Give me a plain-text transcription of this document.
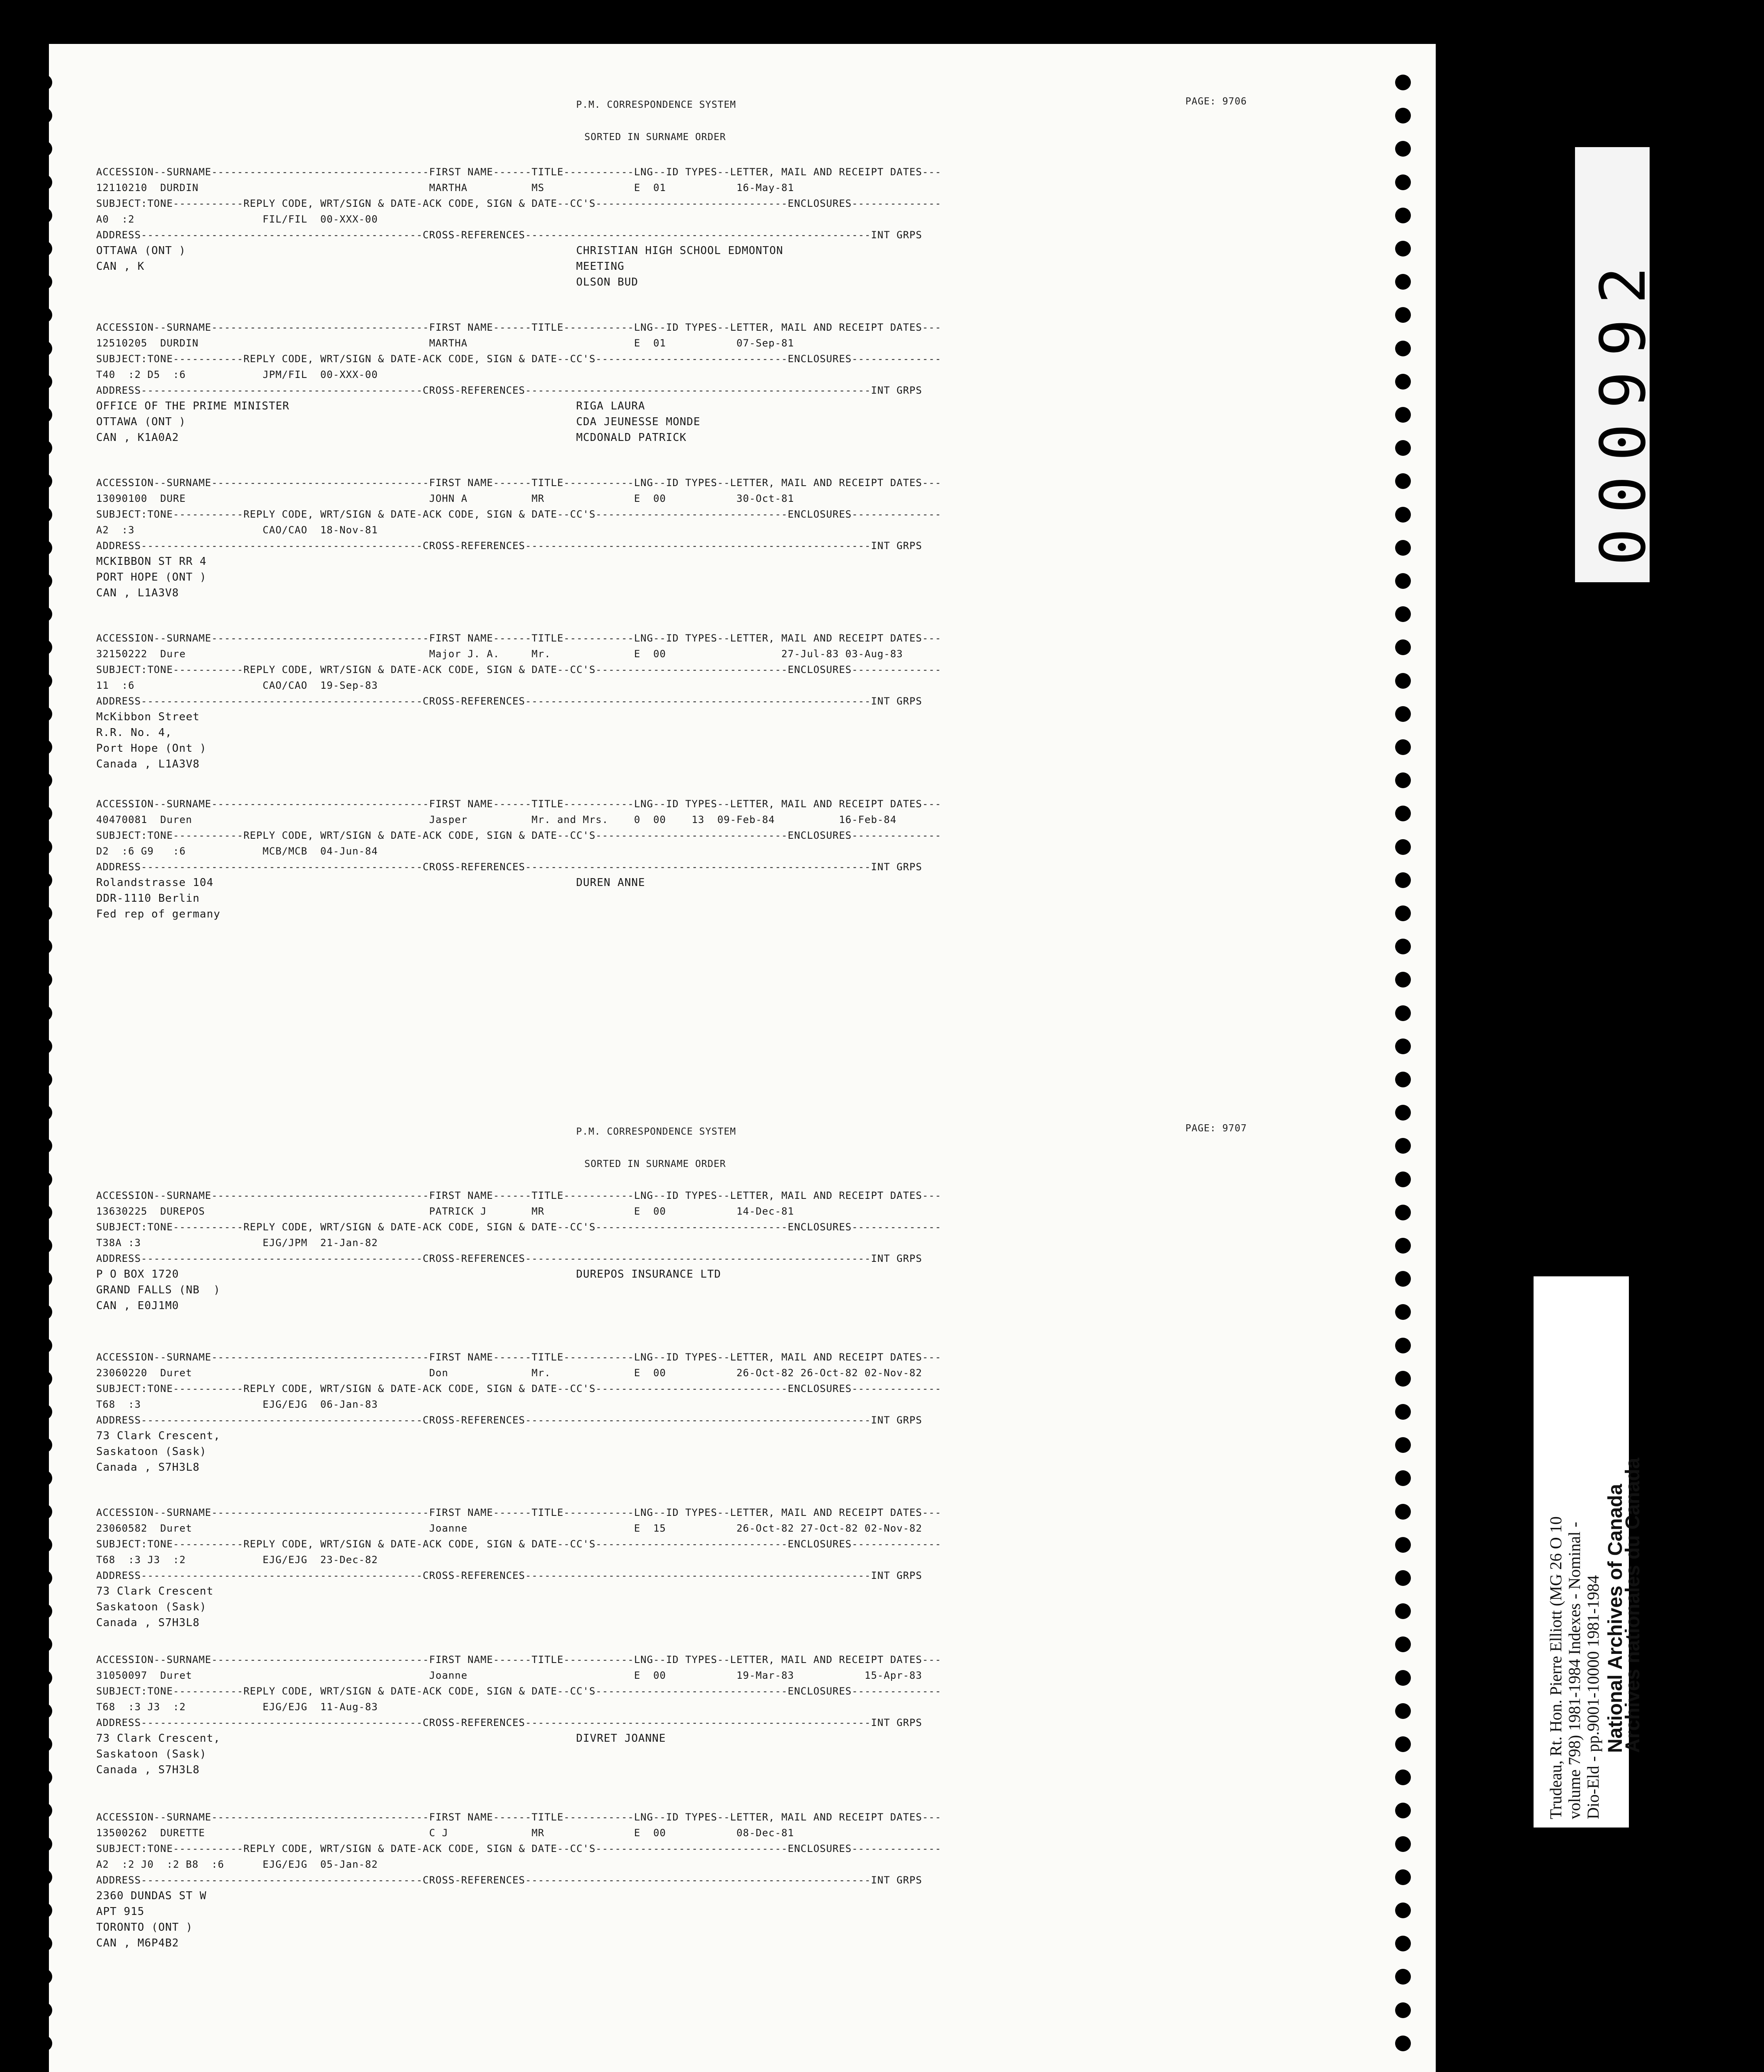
P.M. CORRESPONDENCE SYSTEM	PAGE: 9706
SORTED IN SURNAME ORDER
ACCESSION--SURNAME----------------------------------FIRST NAME------TITLE-----------LNG--ID TYPES--LETTER, MAIL AND RECEIPT DATES---
12110210  DURDIN                                    MARTHA          MS              E  01           16-May-81
SUBJECT:TONE-----------REPLY CODE, WRT/SIGN & DATE-ACK CODE, SIGN & DATE--CC'S------------------------------ENCLOSURES--------------
A0  :2                    FIL/FIL  00-XXX-00
ADDRESS--------------------------------------------CROSS-REFERENCES------------------------------------------------------INT GRPS
OTTAWA (ONT )
CAN , K
CHRISTIAN HIGH SCHOOL EDMONTON
MEETING
OLSON BUD
ACCESSION--SURNAME----------------------------------FIRST NAME------TITLE-----------LNG--ID TYPES--LETTER, MAIL AND RECEIPT DATES---
12510205  DURDIN                                    MARTHA                          E  01           07-Sep-81
SUBJECT:TONE-----------REPLY CODE, WRT/SIGN & DATE-ACK CODE, SIGN & DATE--CC'S------------------------------ENCLOSURES--------------
T40  :2 D5  :6            JPM/FIL  00-XXX-00
ADDRESS--------------------------------------------CROSS-REFERENCES------------------------------------------------------INT GRPS
OFFICE OF THE PRIME MINISTER
OTTAWA (ONT )
CAN , K1A0A2
RIGA LAURA
CDA JEUNESSE MONDE
MCDONALD PATRICK
ACCESSION--SURNAME----------------------------------FIRST NAME------TITLE-----------LNG--ID TYPES--LETTER, MAIL AND RECEIPT DATES---
13090100  DURE                                      JOHN A          MR              E  00           30-Oct-81
SUBJECT:TONE-----------REPLY CODE, WRT/SIGN & DATE-ACK CODE, SIGN & DATE--CC'S------------------------------ENCLOSURES--------------
A2  :3                    CAO/CAO  18-Nov-81
ADDRESS--------------------------------------------CROSS-REFERENCES------------------------------------------------------INT GRPS
MCKIBBON ST RR 4
PORT HOPE (ONT )
CAN , L1A3V8
ACCESSION--SURNAME----------------------------------FIRST NAME------TITLE-----------LNG--ID TYPES--LETTER, MAIL AND RECEIPT DATES---
32150222  Dure                                      Major J. A.     Mr.             E  00                  27-Jul-83 03-Aug-83
SUBJECT:TONE-----------REPLY CODE, WRT/SIGN & DATE-ACK CODE, SIGN & DATE--CC'S------------------------------ENCLOSURES--------------
11  :6                    CAO/CAO  19-Sep-83
ADDRESS--------------------------------------------CROSS-REFERENCES------------------------------------------------------INT GRPS
McKibbon Street
R.R. No. 4,
Port Hope (Ont )
Canada , L1A3V8
ACCESSION--SURNAME----------------------------------FIRST NAME------TITLE-----------LNG--ID TYPES--LETTER, MAIL AND RECEIPT DATES---
40470081  Duren                                     Jasper          Mr. and Mrs.    0  00    13  09-Feb-84          16-Feb-84
SUBJECT:TONE-----------REPLY CODE, WRT/SIGN & DATE-ACK CODE, SIGN & DATE--CC'S------------------------------ENCLOSURES--------------
D2  :6 G9   :6            MCB/MCB  04-Jun-84
ADDRESS--------------------------------------------CROSS-REFERENCES------------------------------------------------------INT GRPS
Rolandstrasse 104
DDR-1110 Berlin
Fed rep of germany
DUREN ANNE
P.M. CORRESPONDENCE SYSTEM	PAGE: 9707
SORTED IN SURNAME ORDER
ACCESSION--SURNAME----------------------------------FIRST NAME------TITLE-----------LNG--ID TYPES--LETTER, MAIL AND RECEIPT DATES---
13630225  DUREPOS                                   PATRICK J       MR              E  00           14-Dec-81
SUBJECT:TONE-----------REPLY CODE, WRT/SIGN & DATE-ACK CODE, SIGN & DATE--CC'S------------------------------ENCLOSURES--------------
T38A :3                   EJG/JPM  21-Jan-82
ADDRESS--------------------------------------------CROSS-REFERENCES------------------------------------------------------INT GRPS
P O BOX 1720
GRAND FALLS (NB  )
CAN , E0J1M0
DUREPOS INSURANCE LTD
ACCESSION--SURNAME----------------------------------FIRST NAME------TITLE-----------LNG--ID TYPES--LETTER, MAIL AND RECEIPT DATES---
23060220  Duret                                     Don             Mr.             E  00           26-Oct-82 26-Oct-82 02-Nov-82
SUBJECT:TONE-----------REPLY CODE, WRT/SIGN & DATE-ACK CODE, SIGN & DATE--CC'S------------------------------ENCLOSURES--------------
T68  :3                   EJG/EJG  06-Jan-83
ADDRESS--------------------------------------------CROSS-REFERENCES------------------------------------------------------INT GRPS
73 Clark Crescent,
Saskatoon (Sask)
Canada , S7H3L8
ACCESSION--SURNAME----------------------------------FIRST NAME------TITLE-----------LNG--ID TYPES--LETTER, MAIL AND RECEIPT DATES---
23060582  Duret                                     Joanne                          E  15           26-Oct-82 27-Oct-82 02-Nov-82
SUBJECT:TONE-----------REPLY CODE, WRT/SIGN & DATE-ACK CODE, SIGN & DATE--CC'S------------------------------ENCLOSURES--------------
T68  :3 J3  :2            EJG/EJG  23-Dec-82
ADDRESS--------------------------------------------CROSS-REFERENCES------------------------------------------------------INT GRPS
73 Clark Crescent
Saskatoon (Sask)
Canada , S7H3L8
ACCESSION--SURNAME----------------------------------FIRST NAME------TITLE-----------LNG--ID TYPES--LETTER, MAIL AND RECEIPT DATES---
31050097  Duret                                     Joanne                          E  00           19-Mar-83           15-Apr-83
SUBJECT:TONE-----------REPLY CODE, WRT/SIGN & DATE-ACK CODE, SIGN & DATE--CC'S------------------------------ENCLOSURES--------------
T68  :3 J3  :2            EJG/EJG  11-Aug-83
ADDRESS--------------------------------------------CROSS-REFERENCES------------------------------------------------------INT GRPS
73 Clark Crescent,
Saskatoon (Sask)
Canada , S7H3L8
DIVRET JOANNE
ACCESSION--SURNAME----------------------------------FIRST NAME------TITLE-----------LNG--ID TYPES--LETTER, MAIL AND RECEIPT DATES---
13500262  DURETTE                                   C J             MR              E  00           08-Dec-81
SUBJECT:TONE-----------REPLY CODE, WRT/SIGN & DATE-ACK CODE, SIGN & DATE--CC'S------------------------------ENCLOSURES--------------
A2  :2 J0  :2 B8  :6      EJG/EJG  05-Jan-82
ADDRESS--------------------------------------------CROSS-REFERENCES------------------------------------------------------INT GRPS
2360 DUNDAS ST W
APT 915
TORONTO (ONT )
CAN , M6P4B2
000992
Trudeau, Rt. Hon. Pierre Elliott (MG 26 O 10 volume 798) 1981-1984 Indexes - Nominal - Dio-Eld - pp.9001-10000 1981-1984 National Archives of Canada
Archives nationales du Canada
